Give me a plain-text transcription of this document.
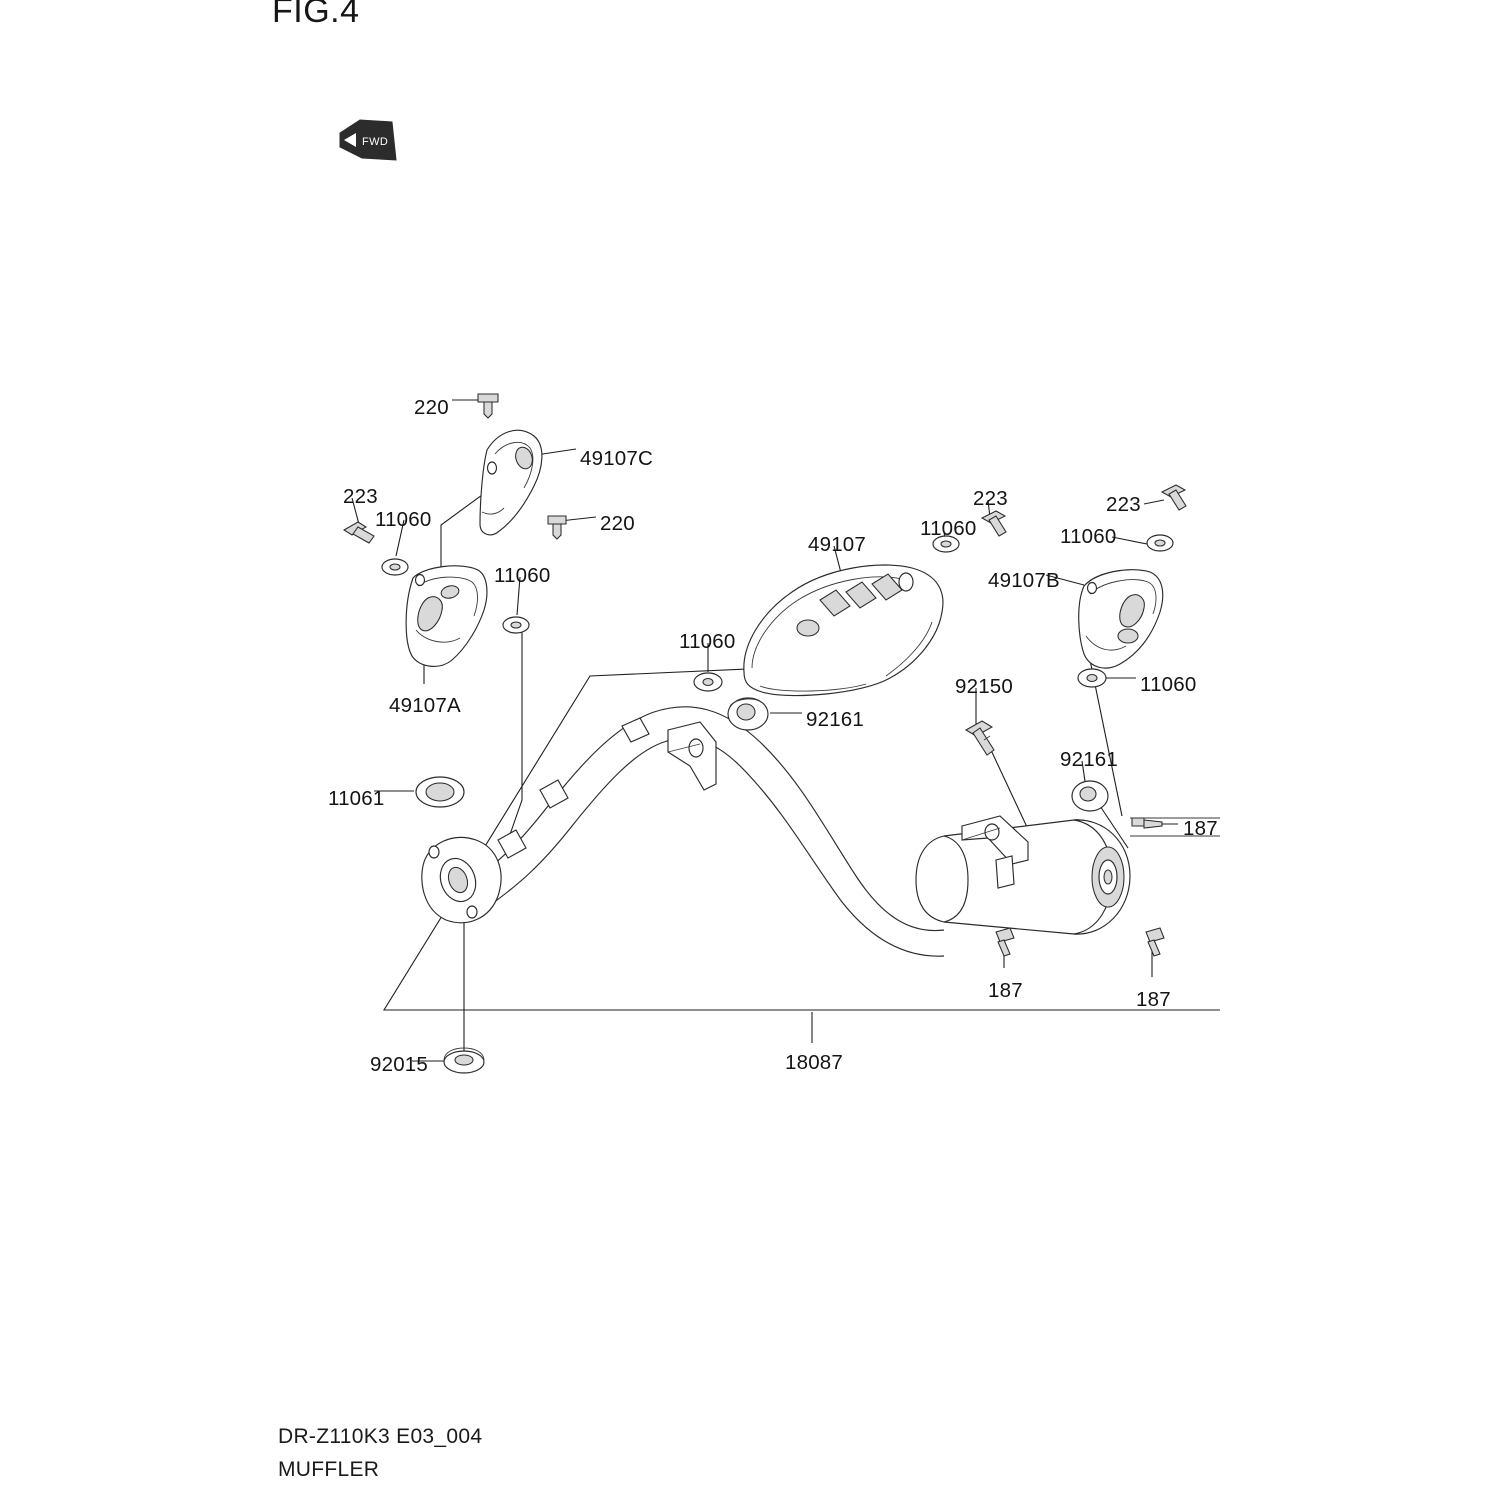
FIG.4
FWD
220
49107C
220
223
11060
11060
49107A
49107
11060
223	223
11060
49107B
11060
11060
92161
92150
92161
11061
187
187	187
92015	18087
DR-Z110K3 E03_004
MUFFLER
